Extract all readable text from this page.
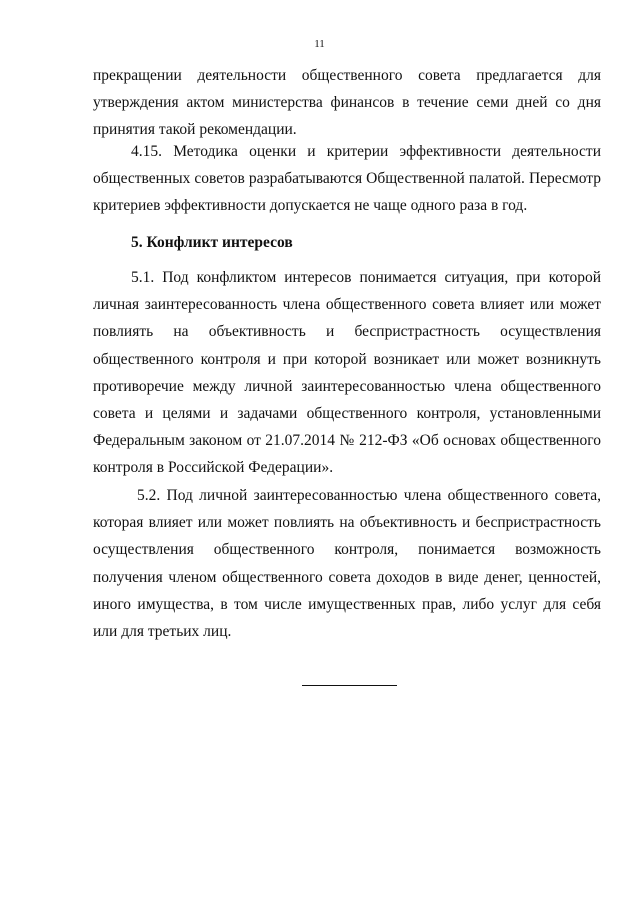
11

прекращении деятельности общественного совета предлагается для утверждения актом министерства финансов в течение семи дней со дня принятия такой рекомендации.

4.15. Методика оценки и критерии эффективности деятельности общественных советов разрабатываются Общественной палатой. Пересмотр критериев эффективности допускается не чаще одного раза в год.

5. Конфликт интересов

5.1. Под конфликтом интересов понимается ситуация, при которой личная заинтересованность члена общественного совета влияет или может повлиять на объективность и беспристрастность осуществления общественного контроля и при которой возникает или может возникнуть противоречие между личной заинтересованностью члена общественного совета и целями и задачами общественного контроля, установленными Федеральным законом от 21.07.2014 № 212-ФЗ «Об основах общественного контроля в Российской Федерации».

5.2. Под личной заинтересованностью члена общественного совета, которая влияет или может повлиять на объективность и беспристрастность осуществления общественного контроля, понимается возможность получения членом общественного совета доходов в виде денег, ценностей, иного имущества, в том числе имущественных прав, либо услуг для себя или для третьих лиц.
